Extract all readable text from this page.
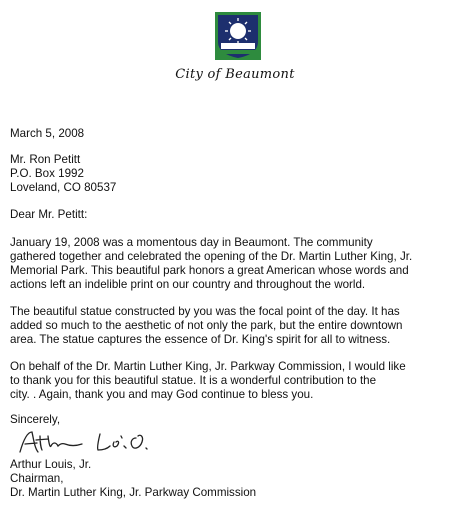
City of Beaumont
March 5, 2008
Mr. Ron Petitt
P.O. Box 1992
Loveland, CO 80537
Dear Mr. Petitt:
January 19, 2008 was a momentous day in Beaumont. The community
gathered together and celebrated the opening of the Dr. Martin Luther King, Jr.
Memorial Park. This beautiful park honors a great American whose words and
actions left an indelible print on our country and throughout the world.
The beautiful statue constructed by you was the focal point of the day. It has
added so much to the aesthetic of not only the park, but the entire downtown
area. The statue captures the essence of Dr. King's spirit for all to witness.
On behalf of the Dr. Martin Luther King, Jr. Parkway Commission, I would like
to thank you for this beautiful statue. It is a wonderful contribution to the
city. . Again, thank you and may God continue to bless you.
Sincerely,
Arthur Louis, Jr.
Chairman,
Dr. Martin Luther King, Jr. Parkway Commission
